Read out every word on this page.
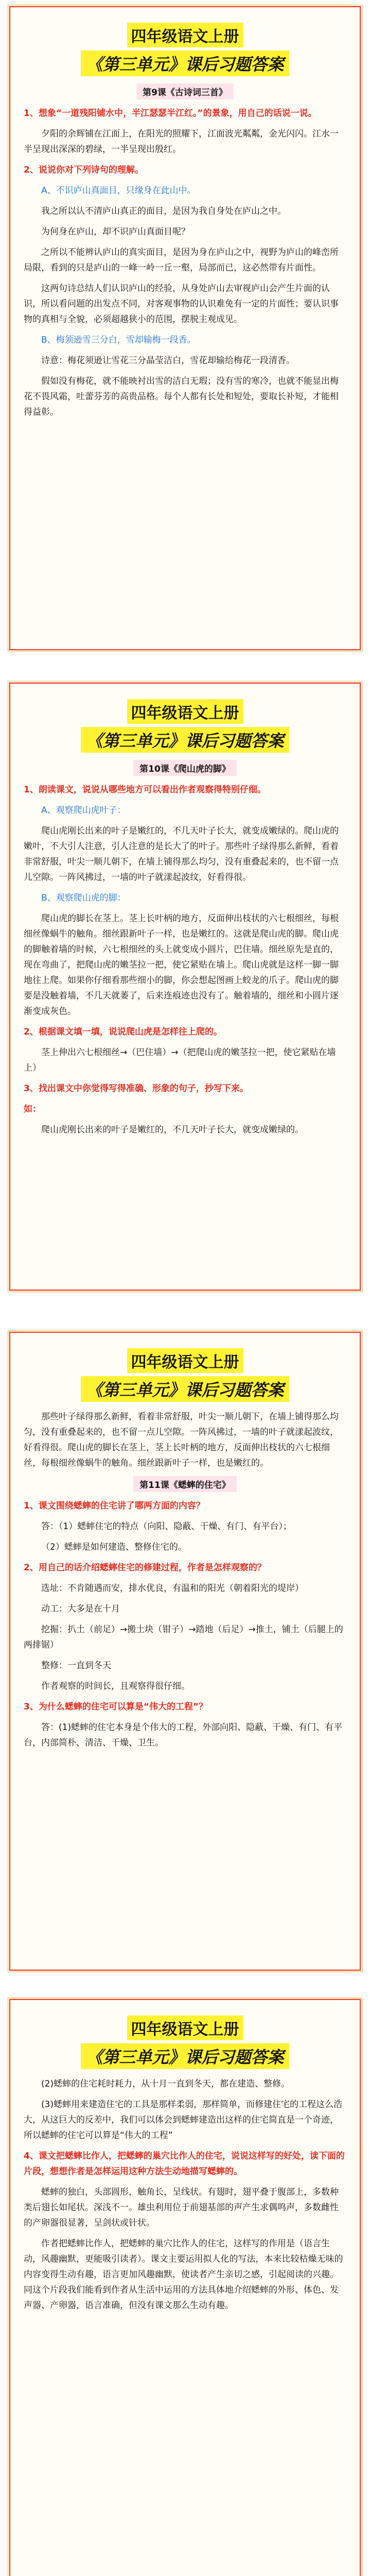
四年级语文上册
《第三单元》课后习题答案
第9课《古诗词三首》

1、想象“一道残阳铺水中，半江瑟瑟半江红。”的景象，用自己的话说一说。

夕阳的余辉铺在江面上，在阳光的照耀下，江面波光粼粼，金光闪闪。江水一半呈现出深深的碧绿，一半呈现出殷红。

2、说说你对下列诗句的理解。

A、不识庐山真面目，只缘身在此山中。

我之所以认不清庐山真正的面目，是因为我自身处在庐山之中。

为何身在庐山，却不识庐山真面目呢？

之所以不能辨认庐山的真实面目，是因为身在庐山之中，视野为庐山的峰峦所局限，看到的只是庐山的一峰一岭一丘一壑，局部而已，这必然带有片面性。

这两句诗总结人们认识庐山的经验，从身处庐山去审视庐山会产生片面的认识，所以看问题的出发点不同，对客观事物的认识难免有一定的片面性；要认识事物的真相与全貌，必须超越狭小的范围，摆脱主观成见。

B、梅须逊雪三分白，雪却输梅一段香。

诗意：梅花须逊让雪花三分晶莹洁白，雪花却输给梅花一段清香。

假如没有梅花，就不能映衬出雪的洁白无瑕；没有雪的寒冷，也就不能显出梅花不畏风霜，吐蕾芬芳的高贵品格。每个人都有长处和短处，要取长补短，才能相得益彰。

四年级语文上册
《第三单元》课后习题答案
第10课《爬山虎的脚》

1、朗读课文，说说从哪些地方可以看出作者观察得特别仔细。

A、观察爬山虎叶子：

爬山虎刚长出来的叶子是嫩红的，不几天叶子长大，就变成嫩绿的。爬山虎的嫩叶，不大引人注意，引人注意的是长大了的叶子。那些叶子绿得那么新鲜，看着非常舒服，叶尖一顺儿朝下，在墙上铺得那么均匀，没有重叠起来的，也不留一点儿空隙。一阵风拂过，一墙的叶子就漾起波纹，好看得很。

B、观察爬山虎的脚：

爬山虎的脚长在茎上。茎上长叶柄的地方，反面伸出枝状的六七根细丝，每根细丝像蜗牛的触角。细丝跟新叶子一样，也是嫩红的。这就是爬山虎的脚。爬山虎的脚触着墙的时候，六七根细丝的头上就变成小圆片，巴住墙。细丝原先是直的，现在弯曲了，把爬山虎的嫩茎拉一把，使它紧贴在墙上。爬山虎就是这样一脚一脚地往上爬。如果你仔细看那些细小的脚，你会想起图画上蛟龙的爪子。爬山虎的脚要是没触着墙，不几天就萎了，后来连痕迹也没有了。触着墙的，细丝和小圆片逐渐变成灰色。

2、根据课文填一填，说说爬山虎是怎样往上爬的。

茎上伸出六七根细丝→（巴住墙）→（把爬山虎的嫩茎拉一把，使它紧贴在墙上）

3、找出课文中你觉得写得准确、形象的句子，抄写下来。

如：

爬山虎刚长出来的叶子是嫩红的，不几天叶子长大，就变成嫩绿的。

四年级语文上册
《第三单元》课后习题答案

那些叶子绿得那么新鲜，看着非常舒服，叶尖一顺儿朝下，在墙上铺得那么均匀，没有重叠起来的，也不留一点儿空隙。一阵风拂过，一墙的叶子就漾起波纹，好看得很。爬山虎的脚长在茎上，茎上长叶柄的地方，反面伸出枝状的六七根细丝，每根细丝像蜗牛的触角。细丝跟新叶子一样，也是嫩红的。

第11课《蟋蟀的住宅》

1、课文围绕蟋蟀的住宅讲了哪两方面的内容？

答：（1）蟋蟀住宅的特点（向阳、隐蔽、干燥、有门、有平台）；

（2）蟋蟀是如何建造、整修住宅的。

2、用自己的话介绍蟋蟀住宅的修建过程，作者是怎样观察的？

选址：不肯随遇而安，排水优良，有温和的阳光（朝着阳光的堤岸）

动工：大多是在十月

挖掘：扒土（前足）→搬土块（钳子）→踏地（后足）→推土，铺土（后腿上的两排锯）

整修：一直到冬天

作者观察的时间长，且观察得很仔细。

3、为什么蟋蟀的住宅可以算是“伟大的工程”？

答：(1)蟋蟀的住宅本身是个伟大的工程，外部向阳、隐蔽、干燥、有门、有平台，内部简朴、清洁、干燥、卫生。

四年级语文上册
《第三单元》课后习题答案

(2)蟋蟀的住宅耗时耗力，从十月一直到冬天，都在建造、整修。

(3)蟋蟀用来建造住宅的工具是那样柔弱，那样简单，而修建住宅的工程这么浩大，从这巨大的反差中，我们可以体会到蟋蟀建造出这样的住宅简直是一个奇迹，所以蟋蟀的住宅可以算是“伟大的工程”

4、课文把蟋蟀比作人，把蟋蟀的巢穴比作人的住宅，说说这样写的好处，读下面的片段，想想作者是怎样运用这种方法生动地描写蟋蟀的。

蟋蟀的独白，头部圆形，触角长，呈线状。有翅时，翅平叠于腹部上，多数种类后翅长如尾状。深浅不一。雄虫利用位于前翅基部的声产生求偶鸣声，多数雌性的产卵器很显著，呈剑状或针状。

作者把蟋蟀比作人，把蟋蟀的巢穴比作人的住宅，这样写的作用是（语言生动，风趣幽默，更能吸引读者）。课文主要运用拟人化的写法，本来比较枯燥无味的内容变得生动有趣，语言更加风趣幽默，使读者产生亲切之感，引起阅读的兴趣。同这个片段我们能看到作者从生活中运用的方法具体地介绍蟋蟀的外形、体色、发声器、产卵器，语言准确，但没有课文那么生动有趣。
